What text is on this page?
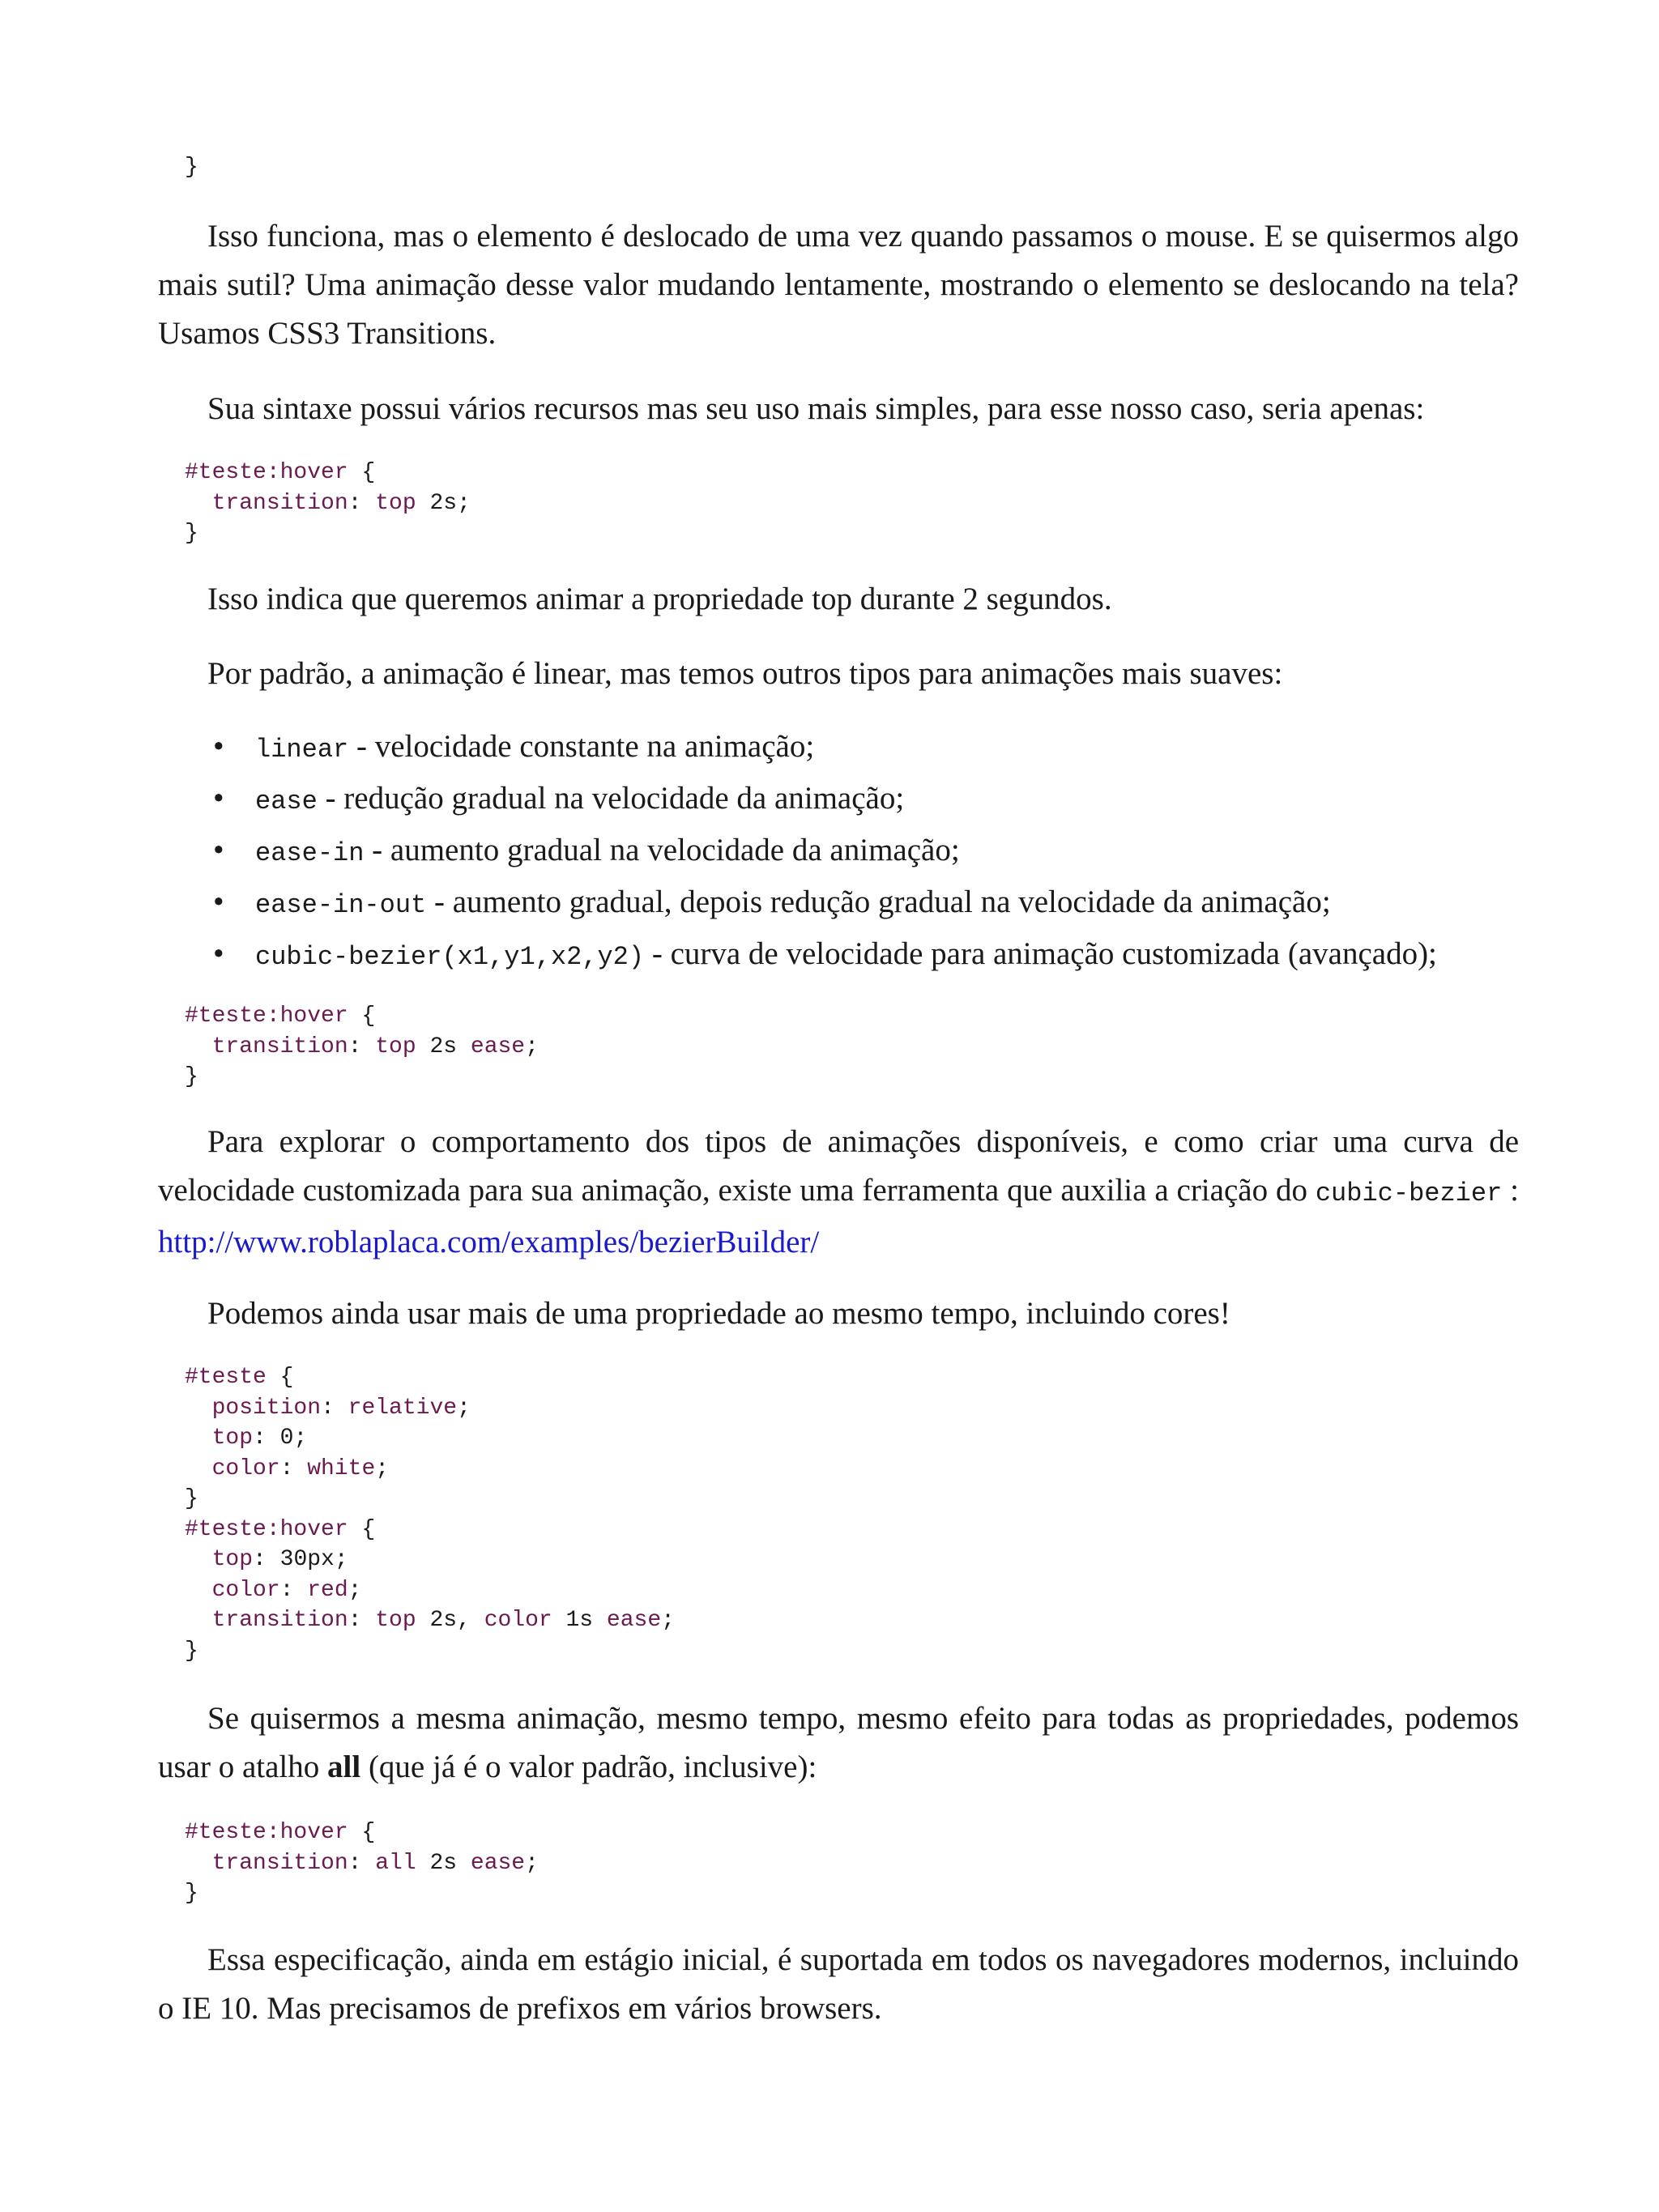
}

Isso funciona, mas o elemento é deslocado de uma vez quando passamos o mouse. E se quisermos algo mais sutil? Uma animação desse valor mudando lentamente, mostrando o elemento se deslocando na tela? Usamos CSS3 Transitions.

Sua sintaxe possui vários recursos mas seu uso mais simples, para esse nosso caso, seria apenas:

#teste:hover {
transition: top 2s;
}

Isso indica que queremos animar a propriedade top durante 2 segundos.

Por padrão, a animação é linear, mas temos outros tipos para animações mais suaves:

• linear - velocidade constante na animação;
• ease - redução gradual na velocidade da animação;
• ease-in - aumento gradual na velocidade da animação;
• ease-in-out - aumento gradual, depois redução gradual na velocidade da animação;
• cubic-bezier(x1,y1,x2,y2) - curva de velocidade para animação customizada (avançado);
#teste:hover {
transition: top 2s ease;
}

Para explorar o comportamento dos tipos de animações disponíveis, e como criar uma curva de velocidade customizada para sua animação, existe uma ferramenta que auxilia a criação do cubic-bezier : http://www.roblaplaca.com/examples/bezierBuilder/

Podemos ainda usar mais de uma propriedade ao mesmo tempo, incluindo cores!

#teste {
position: relative;
top: 0;
color: white;
}
#teste:hover {
top: 30px;
color: red;
transition: top 2s, color 1s ease;
}

Se quisermos a mesma animação, mesmo tempo, mesmo efeito para todas as propriedades, podemos usar o atalho all (que já é o valor padrão, inclusive):

#teste:hover {
transition: all 2s ease;
}

Essa especificação, ainda em estágio inicial, é suportada em todos os navegadores modernos, incluindo o IE 10. Mas precisamos de prefixos em vários browsers.
